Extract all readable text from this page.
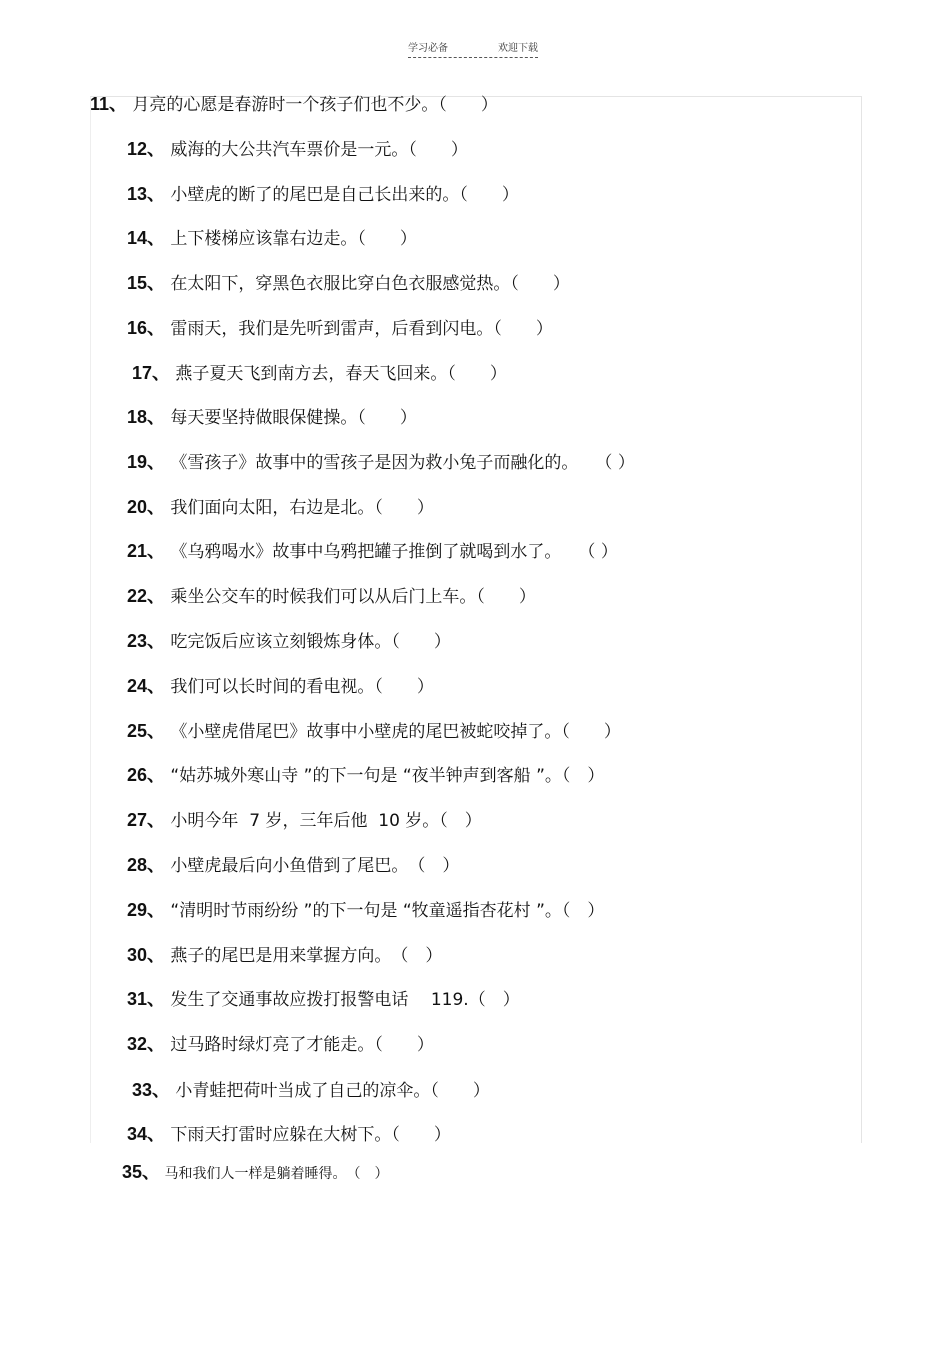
学习必备	欢迎下载
11、 月亮的心愿是春游时一个孩子们也不少。（　　）
12、 威海的大公共汽车票价是一元。（　　）
13、 小壁虎的断了的尾巴是自己长出来的。（　　）
14、 上下楼梯应该靠右边走。（　　）
15、 在太阳下，穿黑色衣服比穿白色衣服感觉热。（　　）
16、 雷雨天，我们是先听到雷声，后看到闪电。（　　）
17、 燕子夏天飞到南方去，春天飞回来。（　　）
18、 每天要坚持做眼保健操。（　　）
19、 《雪孩子》故事中的雪孩子是因为救小兔子而融化的。　　（ ）
20、 我们面向太阳，右边是北。（　　）
21、 《乌鸦喝水》故事中乌鸦把罐子推倒了就喝到水了。　　（ ）
22、 乘坐公交车的时候我们可以从后门上车。（　　）
23、 吃完饭后应该立刻锻炼身体。（　　）
24、 我们可以长时间的看电视。（　　）
25、 《小壁虎借尾巴》故事中小壁虎的尾巴被蛇咬掉了。（　　）
26、 “姑苏城外寒山寺 ”的下一句是 “夜半钟声到客船 ”。（　）
27、 小明今年  7 岁，三年后他  10 岁。（　）
28、 小壁虎最后向小鱼借到了尾巴。　（　）
29、 “清明时节雨纷纷 ”的下一句是 “牧童遥指杏花村 ”。（　）
30、 燕子的尾巴是用来掌握方向。　（　）
31、 发生了交通事故应拨打报警电话　 119.（　）
32、 过马路时绿灯亮了才能走。（　　）
33、 小青蛙把荷叶当成了自己的凉伞。（　　）
34、 下雨天打雷时应躲在大树下。（　　）
35、 马和我们人一样是躺着睡得。　（　）
